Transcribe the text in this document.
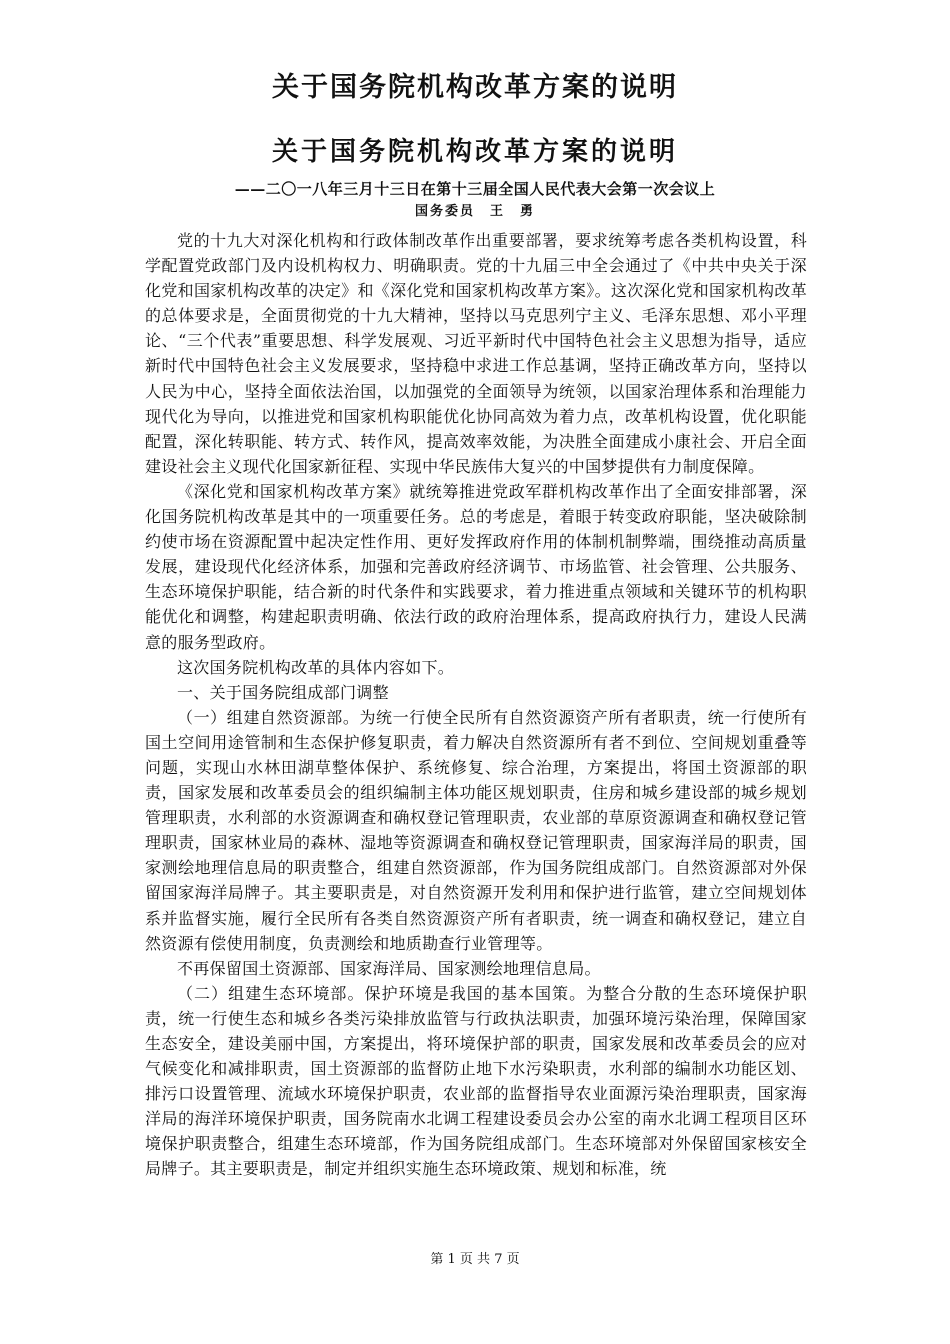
关于国务院机构改革方案的说明
关于国务院机构改革方案的说明
——二〇一八年三月十三日在第十三届全国人民代表大会第一次会议上
国务委员　王　勇

党的十九大对深化机构和行政体制改革作出重要部署，要求统筹考虑各类机构设置，科学配置党政部门及内设机构权力、明确职责。党的十九届三中全会通过了《中共中央关于深化党和国家机构改革的决定》和《深化党和国家机构改革方案》。这次深化党和国家机构改革的总体要求是，全面贯彻党的十九大精神，坚持以马克思列宁主义、毛泽东思想、邓小平理论、“三个代表”重要思想、科学发展观、习近平新时代中国特色社会主义思想为指导，适应新时代中国特色社会主义发展要求，坚持稳中求进工作总基调，坚持正确改革方向，坚持以人民为中心，坚持全面依法治国，以加强党的全面领导为统领，以国家治理体系和治理能力现代化为导向，以推进党和国家机构职能优化协同高效为着力点，改革机构设置，优化职能配置，深化转职能、转方式、转作风，提高效率效能，为决胜全面建成小康社会、开启全面建设社会主义现代化国家新征程、实现中华民族伟大复兴的中国梦提供有力制度保障。

《深化党和国家机构改革方案》就统筹推进党政军群机构改革作出了全面安排部署，深化国务院机构改革是其中的一项重要任务。总的考虑是，着眼于转变政府职能，坚决破除制约使市场在资源配置中起决定性作用、更好发挥政府作用的体制机制弊端，围绕推动高质量发展，建设现代化经济体系，加强和完善政府经济调节、市场监管、社会管理、公共服务、生态环境保护职能，结合新的时代条件和实践要求，着力推进重点领域和关键环节的机构职能优化和调整，构建起职责明确、依法行政的政府治理体系，提高政府执行力，建设人民满意的服务型政府。

这次国务院机构改革的具体内容如下。

一、关于国务院组成部门调整

（一）组建自然资源部。为统一行使全民所有自然资源资产所有者职责，统一行使所有国土空间用途管制和生态保护修复职责，着力解决自然资源所有者不到位、空间规划重叠等问题，实现山水林田湖草整体保护、系统修复、综合治理，方案提出，将国土资源部的职责，国家发展和改革委员会的组织编制主体功能区规划职责，住房和城乡建设部的城乡规划管理职责，水利部的水资源调查和确权登记管理职责，农业部的草原资源调查和确权登记管理职责，国家林业局的森林、湿地等资源调查和确权登记管理职责，国家海洋局的职责，国家测绘地理信息局的职责整合，组建自然资源部，作为国务院组成部门。自然资源部对外保留国家海洋局牌子。其主要职责是，对自然资源开发利用和保护进行监管，建立空间规划体系并监督实施，履行全民所有各类自然资源资产所有者职责，统一调查和确权登记，建立自然资源有偿使用制度，负责测绘和地质勘查行业管理等。

不再保留国土资源部、国家海洋局、国家测绘地理信息局。

（二）组建生态环境部。保护环境是我国的基本国策。为整合分散的生态环境保护职责，统一行使生态和城乡各类污染排放监管与行政执法职责，加强环境污染治理，保障国家生态安全，建设美丽中国，方案提出，将环境保护部的职责，国家发展和改革委员会的应对气候变化和减排职责，国土资源部的监督防止地下水污染职责，水利部的编制水功能区划、排污口设置管理、流域水环境保护职责，农业部的监督指导农业面源污染治理职责，国家海洋局的海洋环境保护职责，国务院南水北调工程建设委员会办公室的南水北调工程项目区环境保护职责整合，组建生态环境部，作为国务院组成部门。生态环境部对外保留国家核安全局牌子。其主要职责是，制定并组织实施生态环境政策、规划和标准，统

第 1 页 共 7 页
